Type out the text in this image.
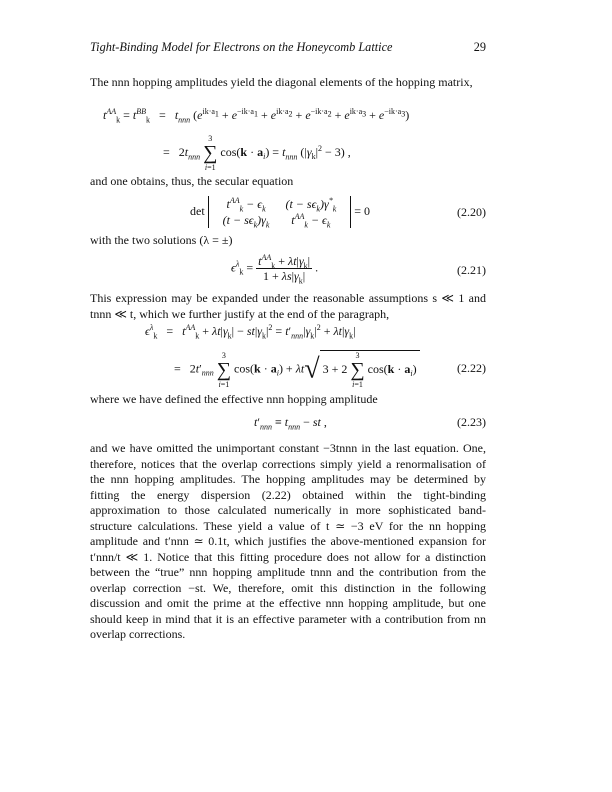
Tight-Binding Model for Electrons on the Honeycomb Lattice	29
The nnn hopping amplitudes yield the diagonal elements of the hopping matrix,
$t^{AA}_k = t^{BB}_k = t_{nnn}$ $(e^{ik\cdot a_1} + e^{-ik\cdot a_1} + e^{ik\cdot a_2} + e^{-ik\cdot a_2} + e^{ik\cdot a_3} + e^{-ik\cdot a_3})$
=   $2t_{nnn}$ 3
∑
i=1 $\cos(k \cdot a_i) = t_{nnn}$ $(|\gamma_k|^2 - 3)$ ,
and one obtains, thus, the secular equation
$\det t^{AA}_k - \epsilon_k$	$(t - s\epsilon_k)\gamma^*_k$
$(t - s\epsilon_k)\gamma_k$	$t^{AA}_k - \epsilon_k$
= 0	(2.20)
with the two solutions (λ = ±)
$\epsilon^\lambda_k = \frac{t^{AA}_k + \lambda t|\gamma_k|}{1 + \lambda s|\gamma_k|}$ .	(2.21)
This expression may be expanded under the reasonable assumptions s ≪ 1 and tnnn ≪ t, which we further justify at the end of the paragraph,
$\epsilon^\lambda_k = t^{AA}_k + \lambda t|\gamma_k| - st|\gamma_k|^2 = t'_{nnn}|\gamma_k|^2 + \lambda t|\gamma_k|$
=   $2t'_{nnn}$ 3
∑
i=1 $\cos(k \cdot a_i) + \lambda t√$ 3 + 2 3
∑
i=1 $\cos(k \cdot a_i)$	(2.22)
where we have defined the effective nnn hopping amplitude
$t'_{nnn} \equiv t_{nnn}$ − st ,	(2.23)
and we have omitted the unimportant constant −3tnnn in the last equation. One, therefore, notices that the overlap corrections simply yield a renormalisation of the nnn hopping amplitudes. The hopping amplitudes may be determined by fitting the energy dispersion (2.22) obtained within the tight-binding approximation to those calculated numerically in more sophisticated band-structure calculations. These yield a value of t ≃ −3 eV for the nn hopping amplitude and t′nnn ≃ 0.1t, which justifies the above-mentioned expansion for t′nnn/t ≪ 1. Notice that this fitting procedure does not allow for a distinction between the “true” nnn hopping amplitude tnnn and the contribution from the overlap correction −st. We, therefore, omit this distinction in the following discussion and omit the prime at the effective nnn hopping amplitude, but one should keep in mind that it is an effective parameter with a contribution from nn overlap corrections.
